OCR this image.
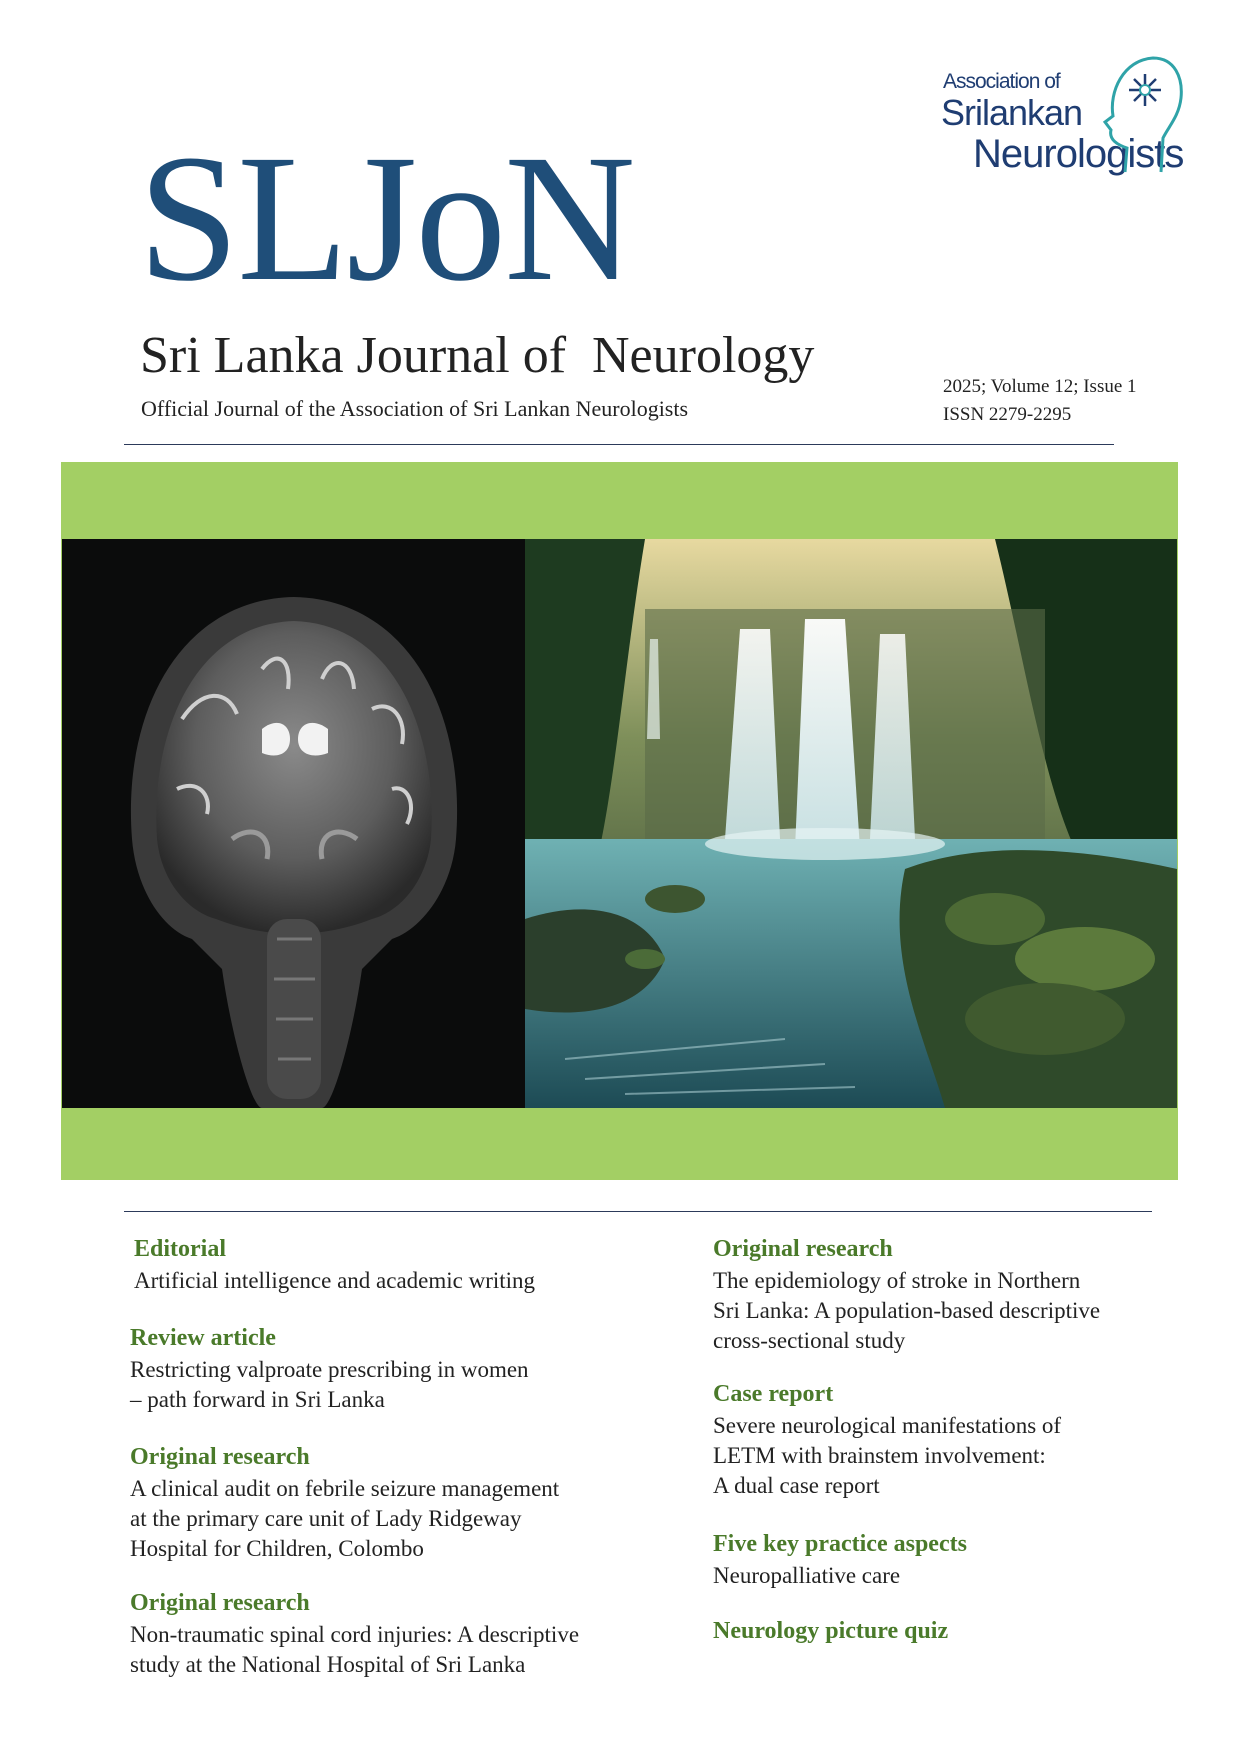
SLJoN
Association of
Srilankan
Neurologists
Sri Lanka Journal of  Neurology
Official Journal of the Association of Sri Lankan Neurologists
2025; Volume 12; Issue 1
ISSN 2279-2295
Editorial
Artificial intelligence and academic writing
Review article
Restricting valproate prescribing in women
– path forward in Sri Lanka
Original research
A clinical audit on febrile seizure management
at the primary care unit of Lady Ridgeway
Hospital for Children, Colombo
Original research
Non-traumatic spinal cord injuries: A descriptive
study at the National Hospital of Sri Lanka
Original research
The epidemiology of stroke in Northern
Sri Lanka: A population-based descriptive
cross-sectional study
Case report
Severe neurological manifestations of
LETM with brainstem involvement:
A dual case report
Five key practice aspects
Neuropalliative care
Neurology picture quiz
